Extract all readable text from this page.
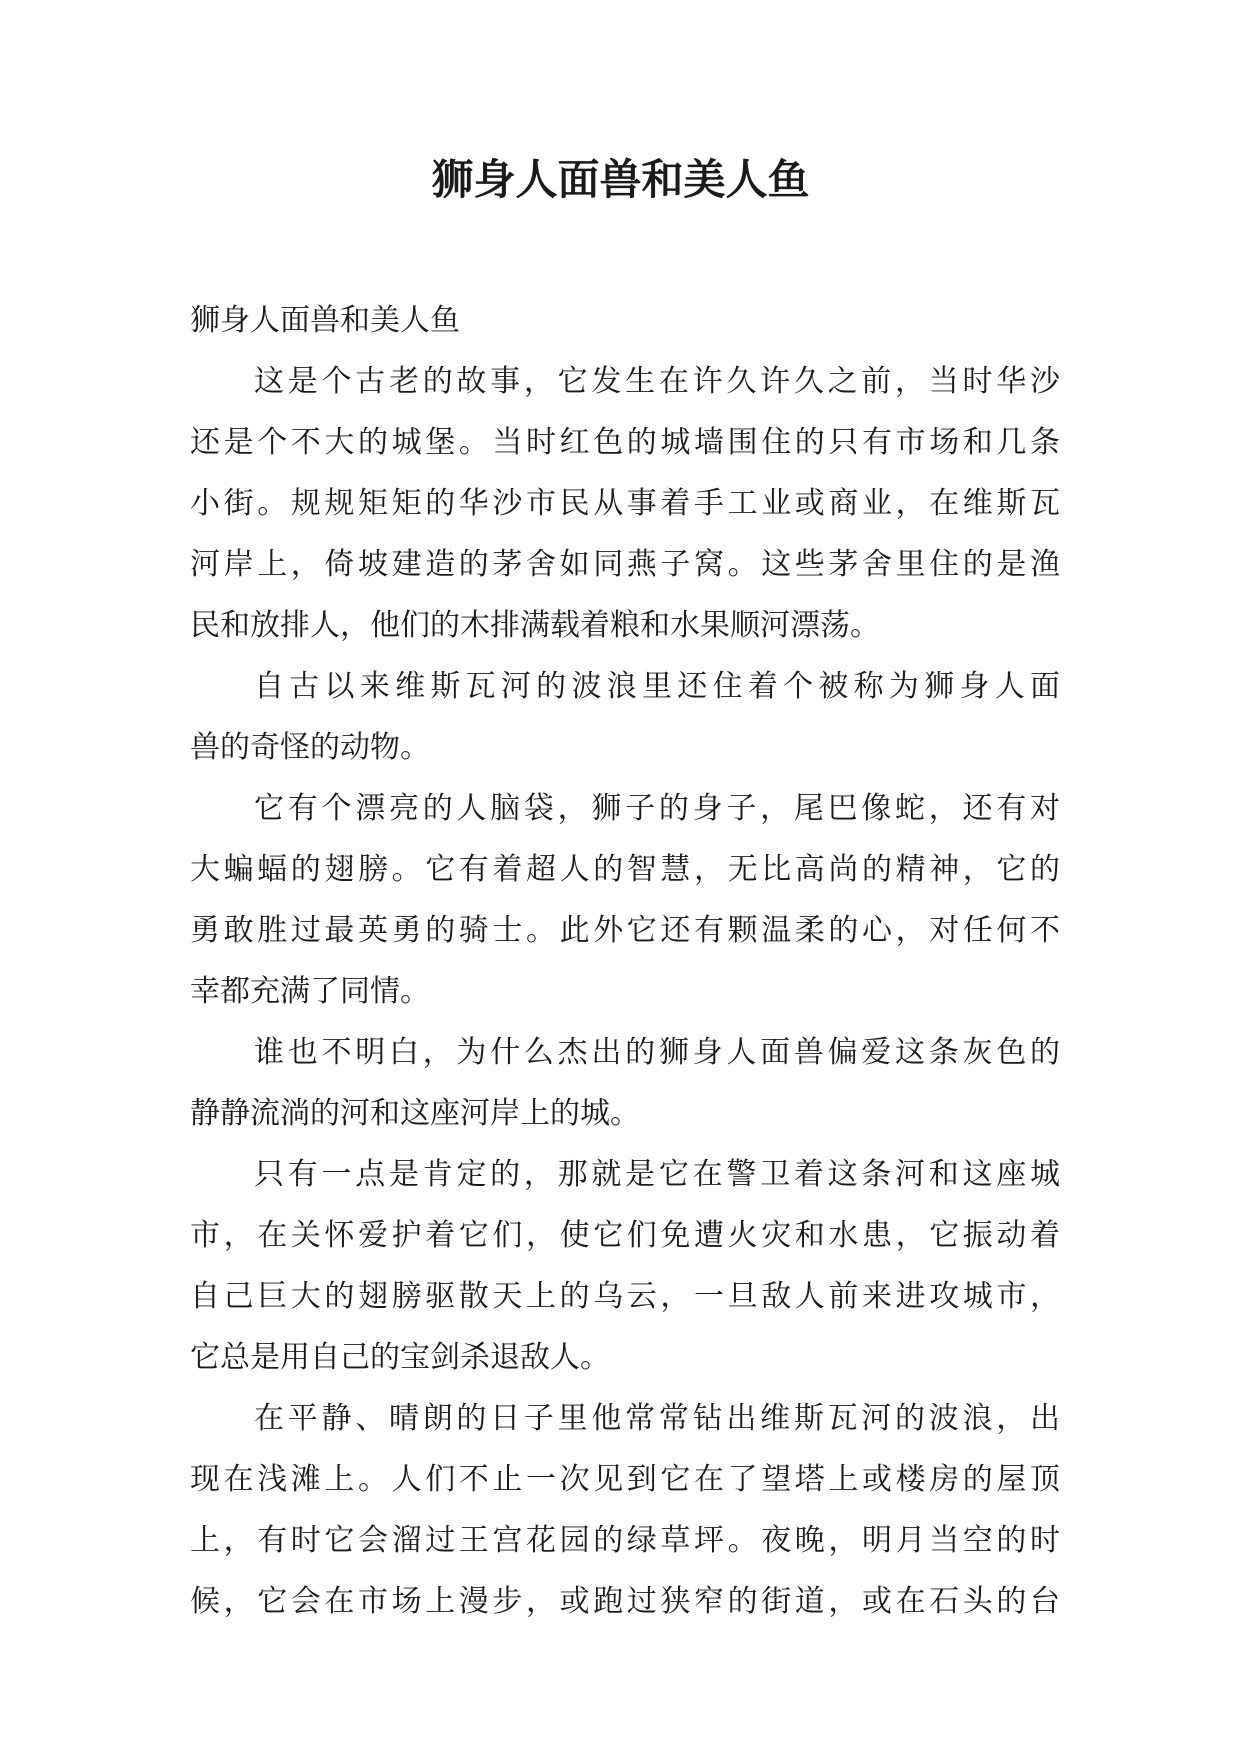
狮身人面兽和美人鱼
狮身人面兽和美人鱼
这是个古老的故事，它发生在许久许久之前，当时华沙
还是个不大的城堡。当时红色的城墙围住的只有市场和几条
小街。规规矩矩的华沙市民从事着手工业或商业，在维斯瓦
河岸上，倚坡建造的茅舍如同燕子窝。这些茅舍里住的是渔
民和放排人，他们的木排满载着粮和水果顺河漂荡。
自古以来维斯瓦河的波浪里还住着个被称为狮身人面
兽的奇怪的动物。
它有个漂亮的人脑袋，狮子的身子，尾巴像蛇，还有对
大蝙蝠的翅膀。它有着超人的智慧，无比高尚的精神，它的
勇敢胜过最英勇的骑士。此外它还有颗温柔的心，对任何不
幸都充满了同情。
谁也不明白，为什么杰出的狮身人面兽偏爱这条灰色的
静静流淌的河和这座河岸上的城。
只有一点是肯定的，那就是它在警卫着这条河和这座城
市，在关怀爱护着它们，使它们免遭火灾和水患，它振动着
自己巨大的翅膀驱散天上的乌云，一旦敌人前来进攻城市，
它总是用自己的宝剑杀退敌人。
在平静、晴朗的日子里他常常钻出维斯瓦河的波浪，出
现在浅滩上。人们不止一次见到它在了望塔上或楼房的屋顶
上，有时它会溜过王宫花园的绿草坪。夜晚，明月当空的时
候，它会在市场上漫步，或跑过狭窄的街道，或在石头的台
